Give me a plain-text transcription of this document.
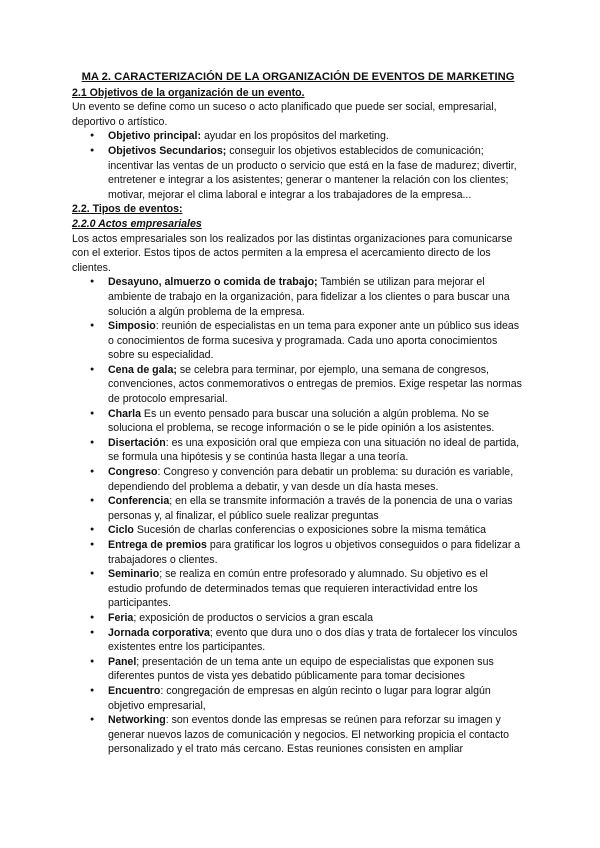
MA 2. CARACTERIZACIÓN DE LA ORGANIZACIÓN DE EVENTOS DE MARKETING
2.1 Objetivos de la organización de un evento.
Un evento se define como un suceso o acto planificado que puede ser social, empresarial, deportivo o artístico.
● Objetivo principal: ayudar en los propósitos del marketing.
● Objetivos Secundarios; conseguir los objetivos establecidos de comunicación; incentivar las ventas de un producto o servicio que está en la fase de madurez; divertir, entretener e integrar a los asistentes; generar o mantener la relación con los clientes; motivar, mejorar el clima laboral e integrar a los trabajadores de la empresa...
2.2. Tipos de eventos:
2.2.0 Actos empresariales
Los actos empresariales son los realizados por las distintas organizaciones para comunicarse con el exterior. Estos tipos de actos permiten a la empresa el acercamiento directo de los clientes.
● Desayuno, almuerzo o comida de trabajo; También se utilizan para mejorar el ambiente de trabajo en la organización, para fidelizar a los clientes o para buscar una solución a algún problema de la empresa.
● Simposio: reunión de especialistas en un tema para exponer ante un público sus ideas o conocimientos de forma sucesiva y programada. Cada uno aporta conocimientos sobre su especialidad.
● Cena de gala; se celebra para terminar, por ejemplo, una semana de congresos, convenciones, actos conmemorativos o entregas de premios. Exige respetar las normas de protocolo empresarial.
● Charla Es un evento pensado para buscar una solución a algún problema. No se soluciona el problema, se recoge información o se le pide opinión a los asistentes.
● Disertación: es una exposición oral que empieza con una situación no ideal de partida, se formula una hipótesis y se continúa hasta llegar a una teoría.
● Congreso: Congreso y convención para debatir un problema: su duración es variable, dependiendo del problema a debatir, y van desde un día hasta meses.
● Conferencia; en ella se transmite información a través de la ponencia de una o varias personas y, al finalizar, el público suele realizar preguntas
● Ciclo Sucesión de charlas conferencias o exposiciones sobre la misma temática
● Entrega de premios para gratificar los logros u objetivos conseguidos o para fidelizar a trabajadores o clientes.
● Seminario; se realiza en común entre profesorado y alumnado. Su objetivo es el estudio profundo de determinados temas que requieren interactividad entre los participantes.
● Feria; exposición de productos o servicios a gran escala
● Jornada corporativa; evento que dura uno o dos días y trata de fortalecer los vínculos existentes entre los participantes.
● Panel; presentación de un tema ante un equipo de especialistas que exponen sus diferentes puntos de vista yes debatido públicamente para tomar decisiones
● Encuentro: congregación de empresas en algún recinto o lugar para lograr algún objetivo empresarial,
● Networking: son eventos donde las empresas se reúnen para reforzar su imagen y generar nuevos lazos de comunicación y negocios. El networking propicia el contacto personalizado y el trato más cercano. Estas reuniones consisten en ampliar
